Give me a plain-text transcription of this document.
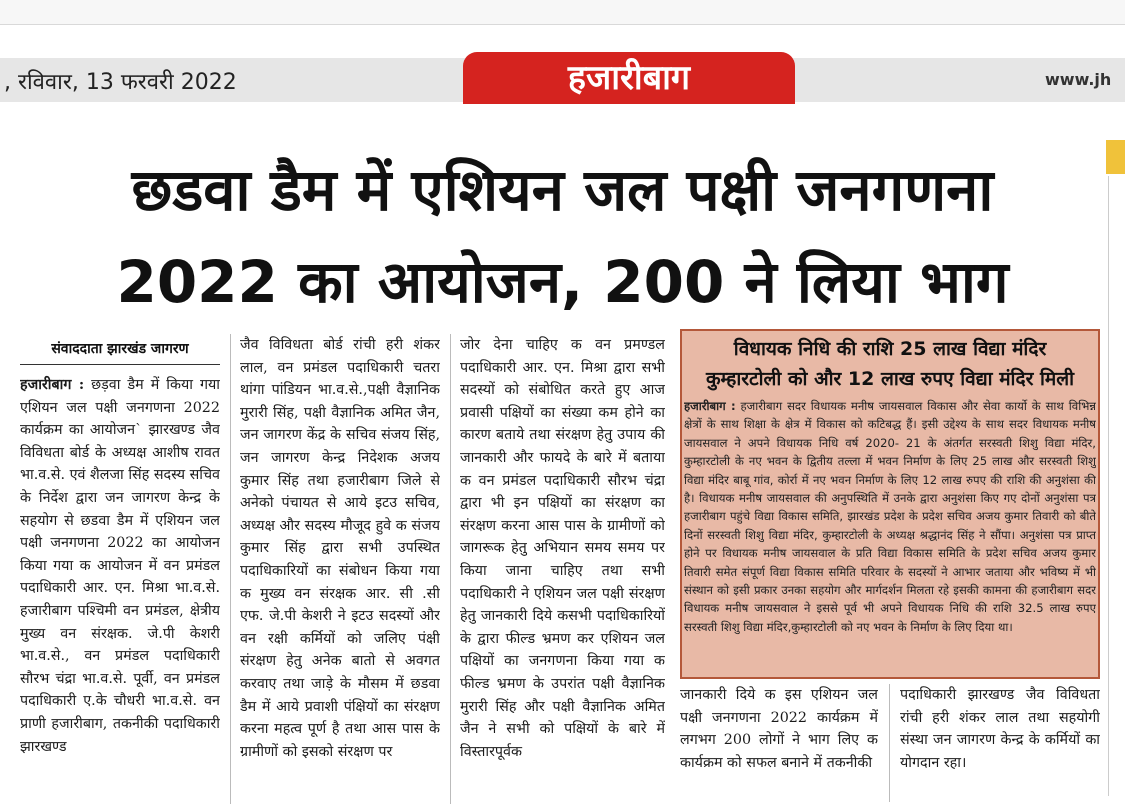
, रविवार, 13 फरवरी 2022	हजारीबाग	www.jh
छडवा डैम में एशियन जल पक्षी जनगणना
2022 का आयोजन, 200 ने लिया भाग
संवाददाता झारखंड जागरण
हजारीबाग : छड़वा डैम में किया गया एशियन जल पक्षी जनगणना 2022 कार्यक्रम का आयोजन` झारखण्ड जैव विविधता बोर्ड के अध्यक्ष आशीष रावत भा.व.से. एवं शैलजा सिंह सदस्य सचिव के निर्देश द्वारा जन जागरण केन्द्र के सहयोग से छडवा डैम में एशियन जल पक्षी जनगणना 2022 का आयोजन किया गया क आयोजन में वन प्रमंडल पदाधिकारी आर. एन. मिश्रा भा.व.से. हजारीबाग पश्चिमी वन प्रमंडल, क्षेत्रीय मुख्य वन संरक्षक. जे.पी केशरी भा.व.से., वन प्रमंडल पदाधिकारी सौरभ चंद्रा भा.व.से. पूर्वी, वन प्रमंडल पदाधिकारी ए.के चौधरी भा.व.से. वन प्राणी हजारीबाग, तकनीकी पदाधिकारी झारखण्ड
जैव विविधता बोर्ड रांची हरी शंकर लाल, वन प्रमंडल पदाधिकारी चतरा थांगा पांडियन भा.व.से.,पक्षी वैज्ञानिक मुरारी सिंह, पक्षी वैज्ञानिक अमित जैन, जन जागरण केंद्र के सचिव संजय सिंह, जन जागरण केन्द्र निदेशक अजय कुमार सिंह तथा हजारीबाग जिले से अनेको पंचायत से आये इटउ सचिव, अध्यक्ष और सदस्य मौजूद हुवे क संजय कुमार सिंह द्वारा सभी उपस्थित पदाधिकारियों का संबोधन किया गया क मुख्य वन संरक्षक आर. सी .सी एफ. जे.पी केशरी ने इटउ सदस्यों और वन रक्षी कर्मियों को जलिए पंक्षी संरक्षण हेतु अनेक बातो से अवगत करवाए तथा जाड़े के मौसम में छडवा डैम में आये प्रवाशी पंक्षियों का संरक्षण करना महत्व पूर्ण है तथा आस पास के ग्रामीणों को इसको संरक्षण पर
जोर देना चाहिए क वन प्रमण्डल पदाधिकारी आर. एन. मिश्रा द्वारा सभी सदस्यों को संबोधित करते हुए आज प्रवासी पक्षियों का संख्या कम होने का कारण बताये तथा संरक्षण हेतु उपाय की जानकारी और फायदे के बारे में बताया क वन प्रमंडल पदाधिकारी सौरभ चंद्रा द्वारा भी इन पक्षियों का संरक्षण का संरक्षण करना आस पास के ग्रामीणों को जागरूक हेतु अभियान समय समय पर किया जाना चाहिए तथा सभी पदाधिकारी ने एशियन जल पक्षी संरक्षण हेतु जानकारी दिये कसभी पदाधिकारियों के द्वारा फील्ड भ्रमण कर एशियन जल पक्षियों का जनगणना किया गया क फील्ड भ्रमण के उपरांत पक्षी वैज्ञानिक मुरारी सिंह और पक्षी वैज्ञानिक अमित जैन ने सभी को पक्षियों के बारे में विस्तारपूर्वक
विधायक निधि की राशि 25 लाख विद्या मंदिर
कुम्हारटोली को और 12 लाख रुपए विद्या मंदिर मिली
हजारीबाग : हजारीबाग सदर विधायक मनीष जायसवाल विकास और सेवा कार्यो के साथ विभिन्न क्षेत्रों के साथ शिक्षा के क्षेत्र में विकास को कटिबद्ध हैं। इसी उद्देश्य के साथ सदर विधायक मनीष जायसवाल ने अपने विधायक निधि वर्ष 2020- 21 के अंतर्गत सरस्वती शिशु विद्या मंदिर, कुम्हारटोली के नए भवन के द्वितीय तल्ला में भवन निर्माण के लिए 25 लाख और सरस्वती शिशु विद्या मंदिर बाबू गांव, कोर्रा में नए भवन निर्माण के लिए 12 लाख रुपए की राशि की अनुशंसा की है। विधायक मनीष जायसवाल की अनुपस्थिति में उनके द्वारा अनुशंसा किए गए दोनों अनुशंसा पत्र हजारीबाग पहुंचे विद्या विकास समिति, झारखंड प्रदेश के प्रदेश सचिव अजय कुमार तिवारी को बीते दिनों सरस्वती शिशु विद्या मंदिर, कुम्हारटोली के अध्यक्ष श्रद्धानंद सिंह ने सौंपा। अनुशंसा पत्र प्राप्त होने पर विधायक मनीष जायसवाल के प्रति विद्या विकास समिति के प्रदेश सचिव अजय कुमार तिवारी समेत संपूर्ण विद्या विकास समिति परिवार के सदस्यों ने आभार जताया और भविष्य में भी संस्थान को इसी प्रकार उनका सहयोग और मार्गदर्शन मिलता रहे इसकी कामना की हजारीबाग सदर विधायक मनीष जायसवाल ने इससे पूर्व भी अपने विधायक निधि की राशि 32.5 लाख रुपए सरस्वती शिशु विद्या मंदिर,कुम्हारटोली को नए भवन के निर्माण के लिए दिया था।
जानकारी दिये क इस एशियन जल पक्षी जनगणना 2022 कार्यक्रम में लगभग 200 लोगों ने भाग लिए क कार्यक्रम को सफल बनाने में तकनीकी
पदाधिकारी झारखण्ड जैव विविधता रांची हरी शंकर लाल तथा सहयोगी संस्था जन जागरण केन्द्र के कर्मियों का योगदान रहा।
